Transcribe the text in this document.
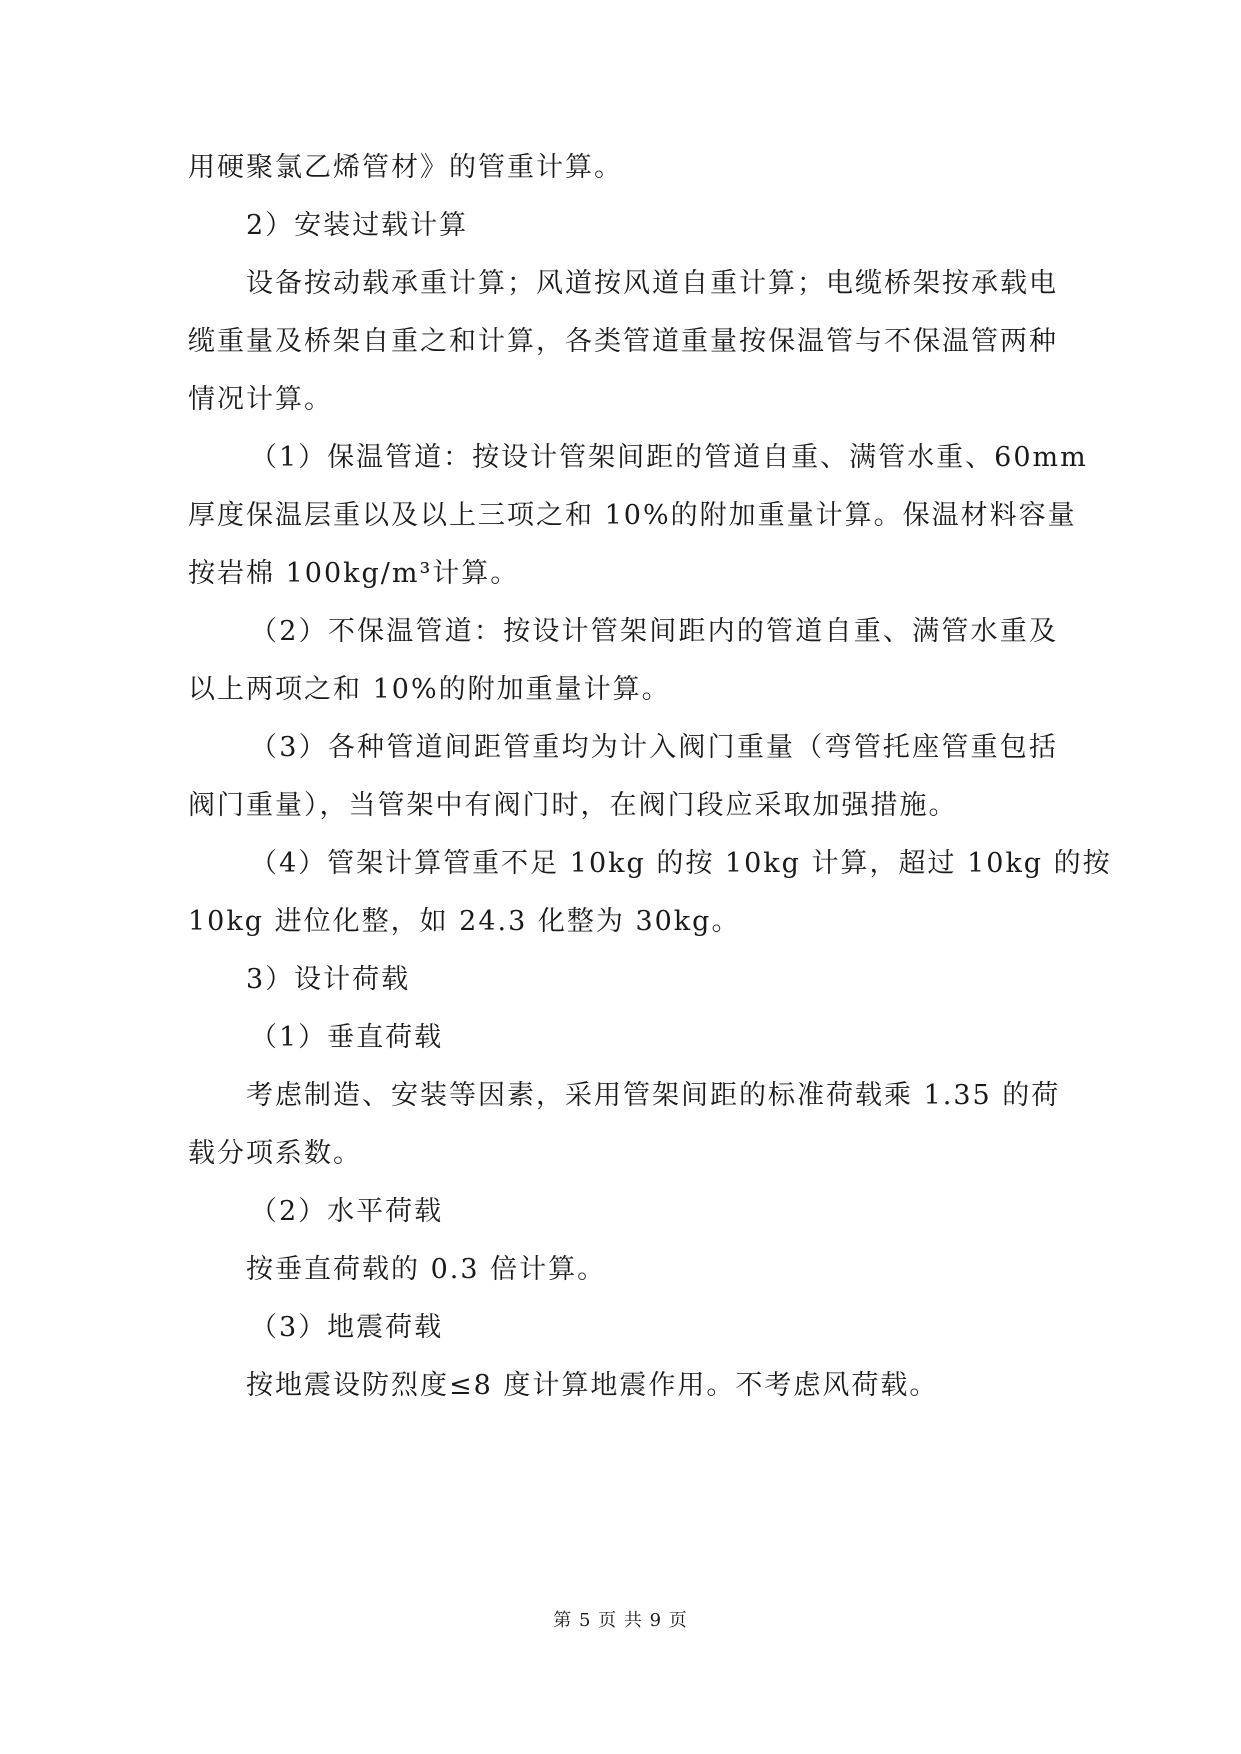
用硬聚氯乙烯管材》的管重计算。
2）安装过载计算
设备按动载承重计算；风道按风道自重计算；电缆桥架按承载电
缆重量及桥架自重之和计算，各类管道重量按保温管与不保温管两种
情况计算。
（1）保温管道：按设计管架间距的管道自重、满管水重、60mm
厚度保温层重以及以上三项之和 10%的附加重量计算。保温材料容量
按岩棉 100kg/m³计算。
（2）不保温管道：按设计管架间距内的管道自重、满管水重及
以上两项之和 10%的附加重量计算。
（3）各种管道间距管重均为计入阀门重量（弯管托座管重包括
阀门重量），当管架中有阀门时，在阀门段应采取加强措施。
（4）管架计算管重不足 10kg 的按 10kg 计算，超过 10kg 的按
10kg 进位化整，如 24.3 化整为 30kg。
3）设计荷载
（1）垂直荷载
考虑制造、安装等因素，采用管架间距的标准荷载乘 1.35 的荷
载分项系数。
（2）水平荷载
按垂直荷载的 0.3 倍计算。
（3）地震荷载
按地震设防烈度≤8 度计算地震作用。不考虑风荷载。
第 5 页 共 9 页
